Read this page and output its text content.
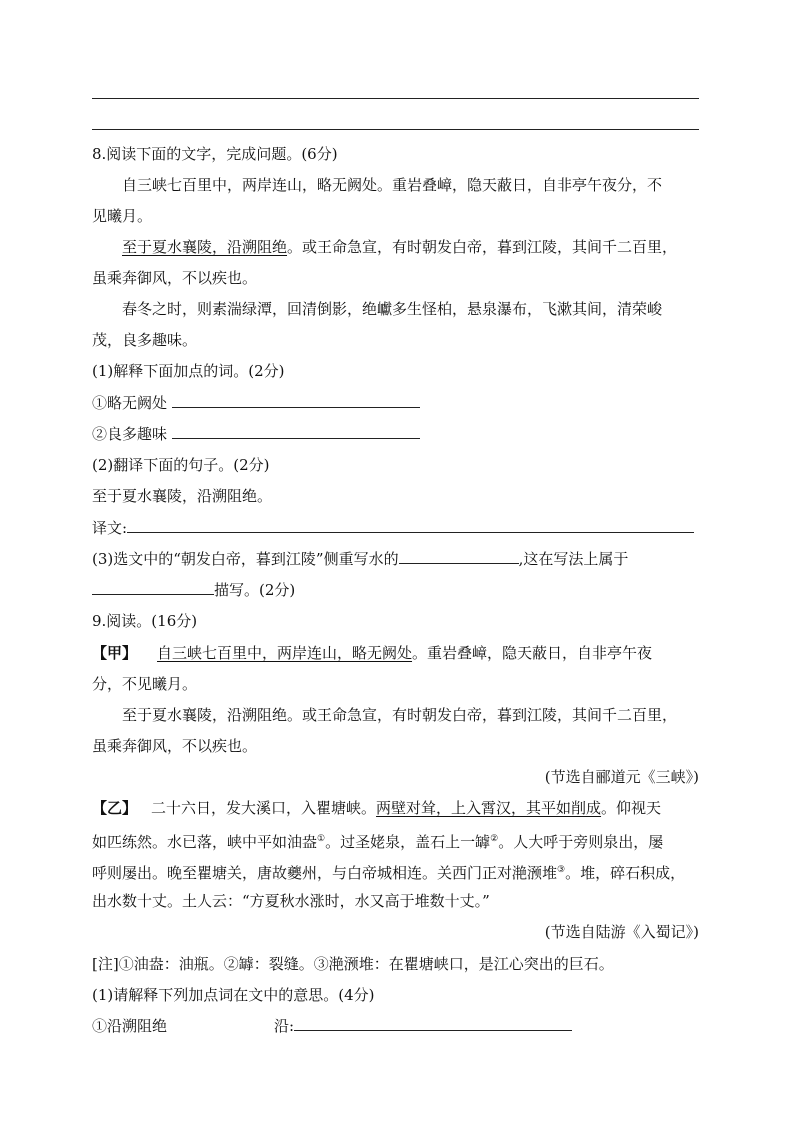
8.阅读下面的文字，完成问题。(6分)
自三峡七百里中，两岸连山，略无阙处。重岩叠嶂，隐天蔽日，自非亭午夜分，不
见曦月。
至于夏水襄陵，沿溯阻绝。或王命急宣，有时朝发白帝，暮到江陵，其间千二百里，
虽乘奔御风，不以疾也。
春冬之时，则素湍绿潭，回清倒影，绝巘多生怪柏，悬泉瀑布，飞漱其间，清荣峻
茂，良多趣味。
(1)解释下面加点的词。(2分)
①略无阙处
②良多趣味
(2)翻译下面的句子。(2分)
至于夏水襄陵，沿溯阻绝。
译文:
(3)选文中的“朝发白帝，暮到江陵”侧重写水的	,这在写法上属于
描写。(2分)
9.阅读。(16分)
【甲】 自三峡七百里中，两岸连山，略无阙处。重岩叠嶂，隐天蔽日，自非亭午夜
分，不见曦月。
至于夏水襄陵，沿溯阻绝。或王命急宣，有时朝发白帝，暮到江陵，其间千二百里，
虽乘奔御风，不以疾也。
(节选自郦道元《三峡》)
【乙】 二十六日，发大溪口，入瞿塘峡。两壁对耸，上入霄汉，其平如削成。仰视天
如匹练然。水已落，峡中平如油盎①。过圣姥泉，盖石上一罅②。人大呼于旁则泉出，屡
呼则屡出。晚至瞿塘关，唐故夔州，与白帝城相连。关西门正对滟滪堆③。堆，碎石积成，
出水数十丈。土人云：“方夏秋水涨时，水又高于堆数十丈。”
(节选自陆游《入蜀记》)
[注]①油盎：油瓶。②罅：裂缝。③滟滪堆：在瞿塘峡口，是江心突出的巨石。
(1)请解释下列加点词在文中的意思。(4分)
①沿溯阻绝	沿:
